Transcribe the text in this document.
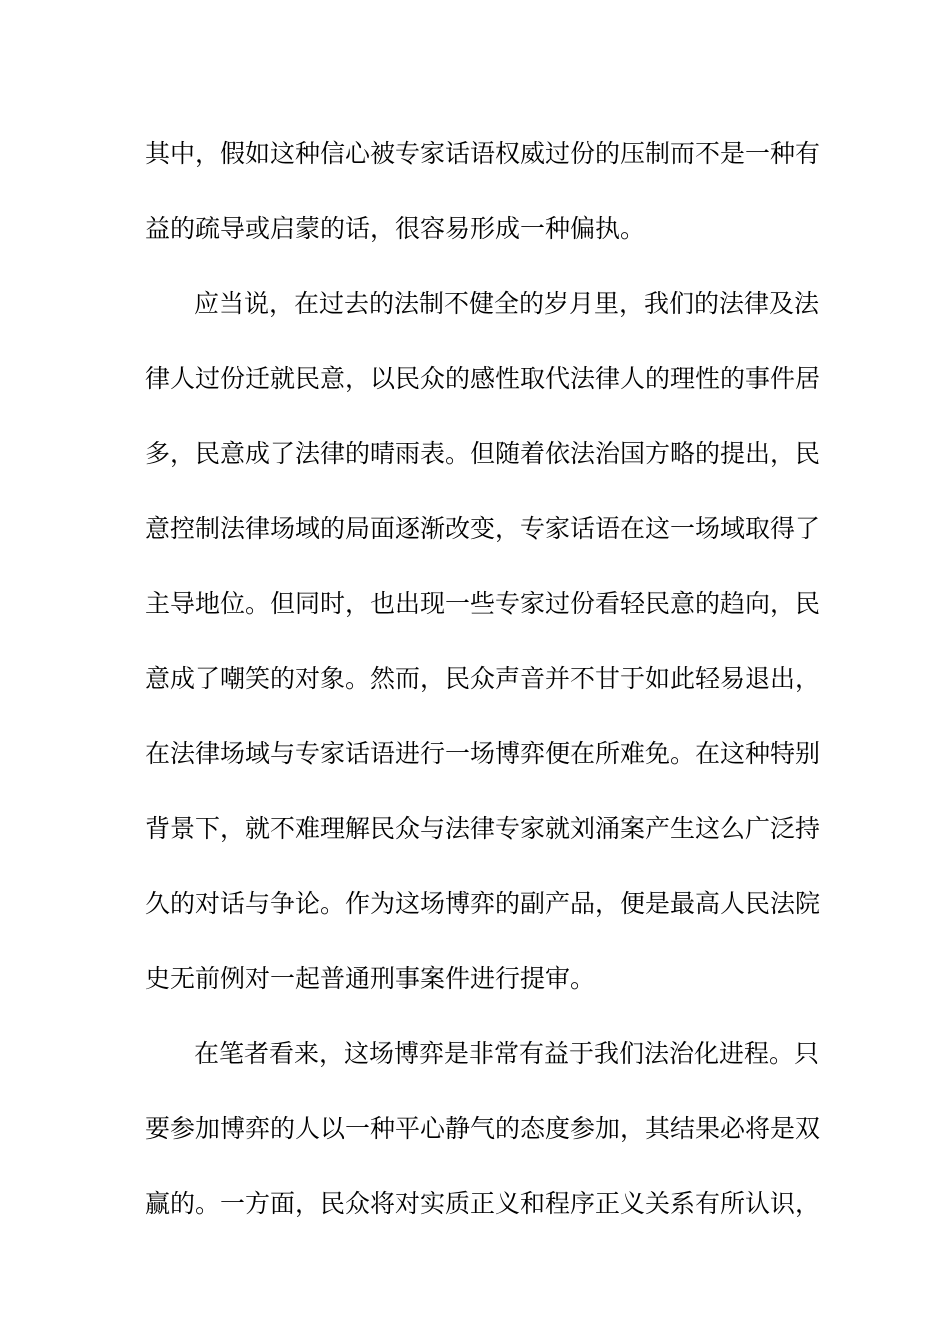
其中，假如这种信心被专家话语权威过份的压制而不是一种有
益的疏导或启蒙的话，很容易形成一种偏执。
应当说，在过去的法制不健全的岁月里，我们的法律及法
律人过份迁就民意，以民众的感性取代法律人的理性的事件居
多，民意成了法律的晴雨表。但随着依法治国方略的提出，民
意控制法律场域的局面逐渐改变，专家话语在这一场域取得了
主导地位。但同时，也出现一些专家过份看轻民意的趋向，民
意成了嘲笑的对象。然而，民众声音并不甘于如此轻易退出，
在法律场域与专家话语进行一场博弈便在所难免。在这种特别
背景下，就不难理解民众与法律专家就刘涌案产生这么广泛持
久的对话与争论。作为这场博弈的副产品，便是最高人民法院
史无前例对一起普通刑事案件进行提审。
在笔者看来，这场博弈是非常有益于我们法治化进程。只
要参加博弈的人以一种平心静气的态度参加，其结果必将是双
赢的。一方面，民众将对实质正义和程序正义关系有所认识，
